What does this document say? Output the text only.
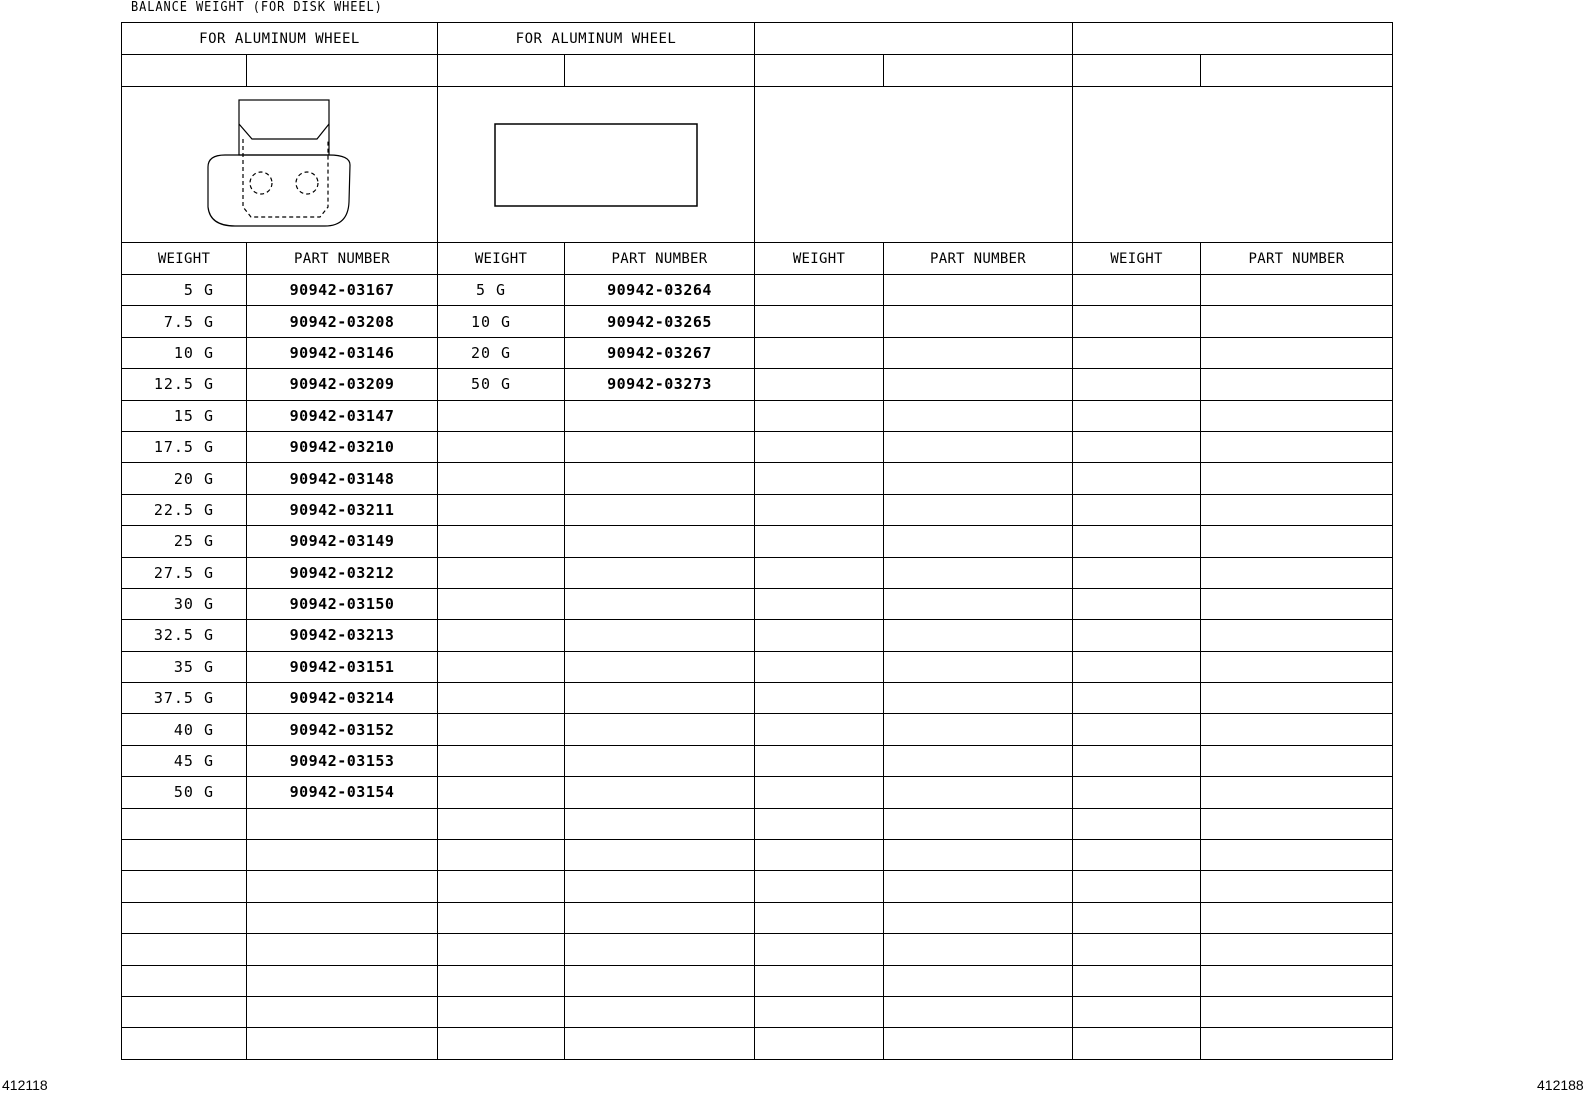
BALANCE WEIGHT (FOR DISK WHEEL)
FOR ALUMINUM WHEEL		FOR ALUMINUM WHEEL					

WEIGHT	PART NUMBER	WEIGHT	PART NUMBER	WEIGHT	PART NUMBER	WEIGHT	PART NUMBER
5 G	90942-03167	5 G	90942-03264				
7.5 G	90942-03208	10 G	90942-03265				
10 G	90942-03146	20 G	90942-03267				
12.5 G	90942-03209	50 G	90942-03273				
15 G	90942-03147						
17.5 G	90942-03210						
20 G	90942-03148						
22.5 G	90942-03211						
25 G	90942-03149						
27.5 G	90942-03212						
30 G	90942-03150						
32.5 G	90942-03213						
35 G	90942-03151						
37.5 G	90942-03214						
40 G	90942-03152						
45 G	90942-03153						
50 G	90942-03154						

412118	412188
